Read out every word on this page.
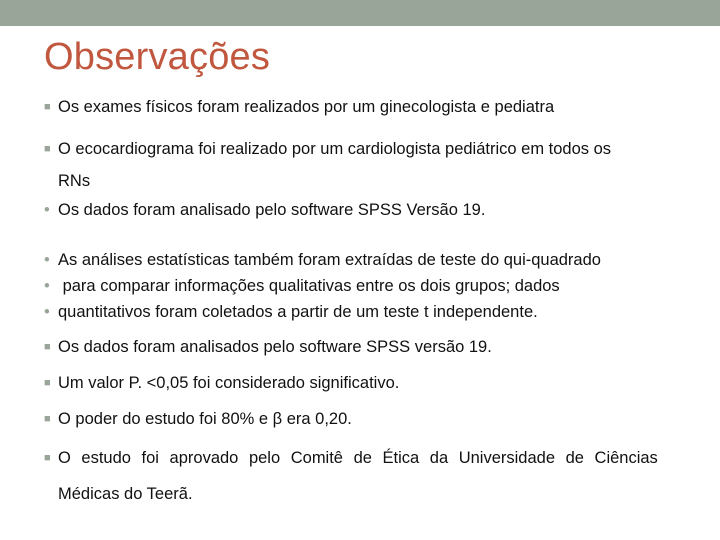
Observações
■ Os exames físicos foram realizados por um ginecologista e pediatra
■ O ecocardiograma foi realizado por um cardiologista pediátrico em todos os
RNs
• Os dados foram analisado pelo software SPSS Versão 19.
• As análises estatísticas também foram extraídas de teste do qui-quadrado
• para comparar informações qualitativas entre os dois grupos; dados
• quantitativos foram coletados a partir de um teste t independente.
■ Os dados foram analisados pelo software SPSS versão 19.
■ Um valor P. <0,05 foi considerado significativo.
■ O poder do estudo foi 80% e β era 0,20.
■ O estudo foi aprovado pelo Comitê de Ética da Universidade de Ciências
Médicas do Teerã.
